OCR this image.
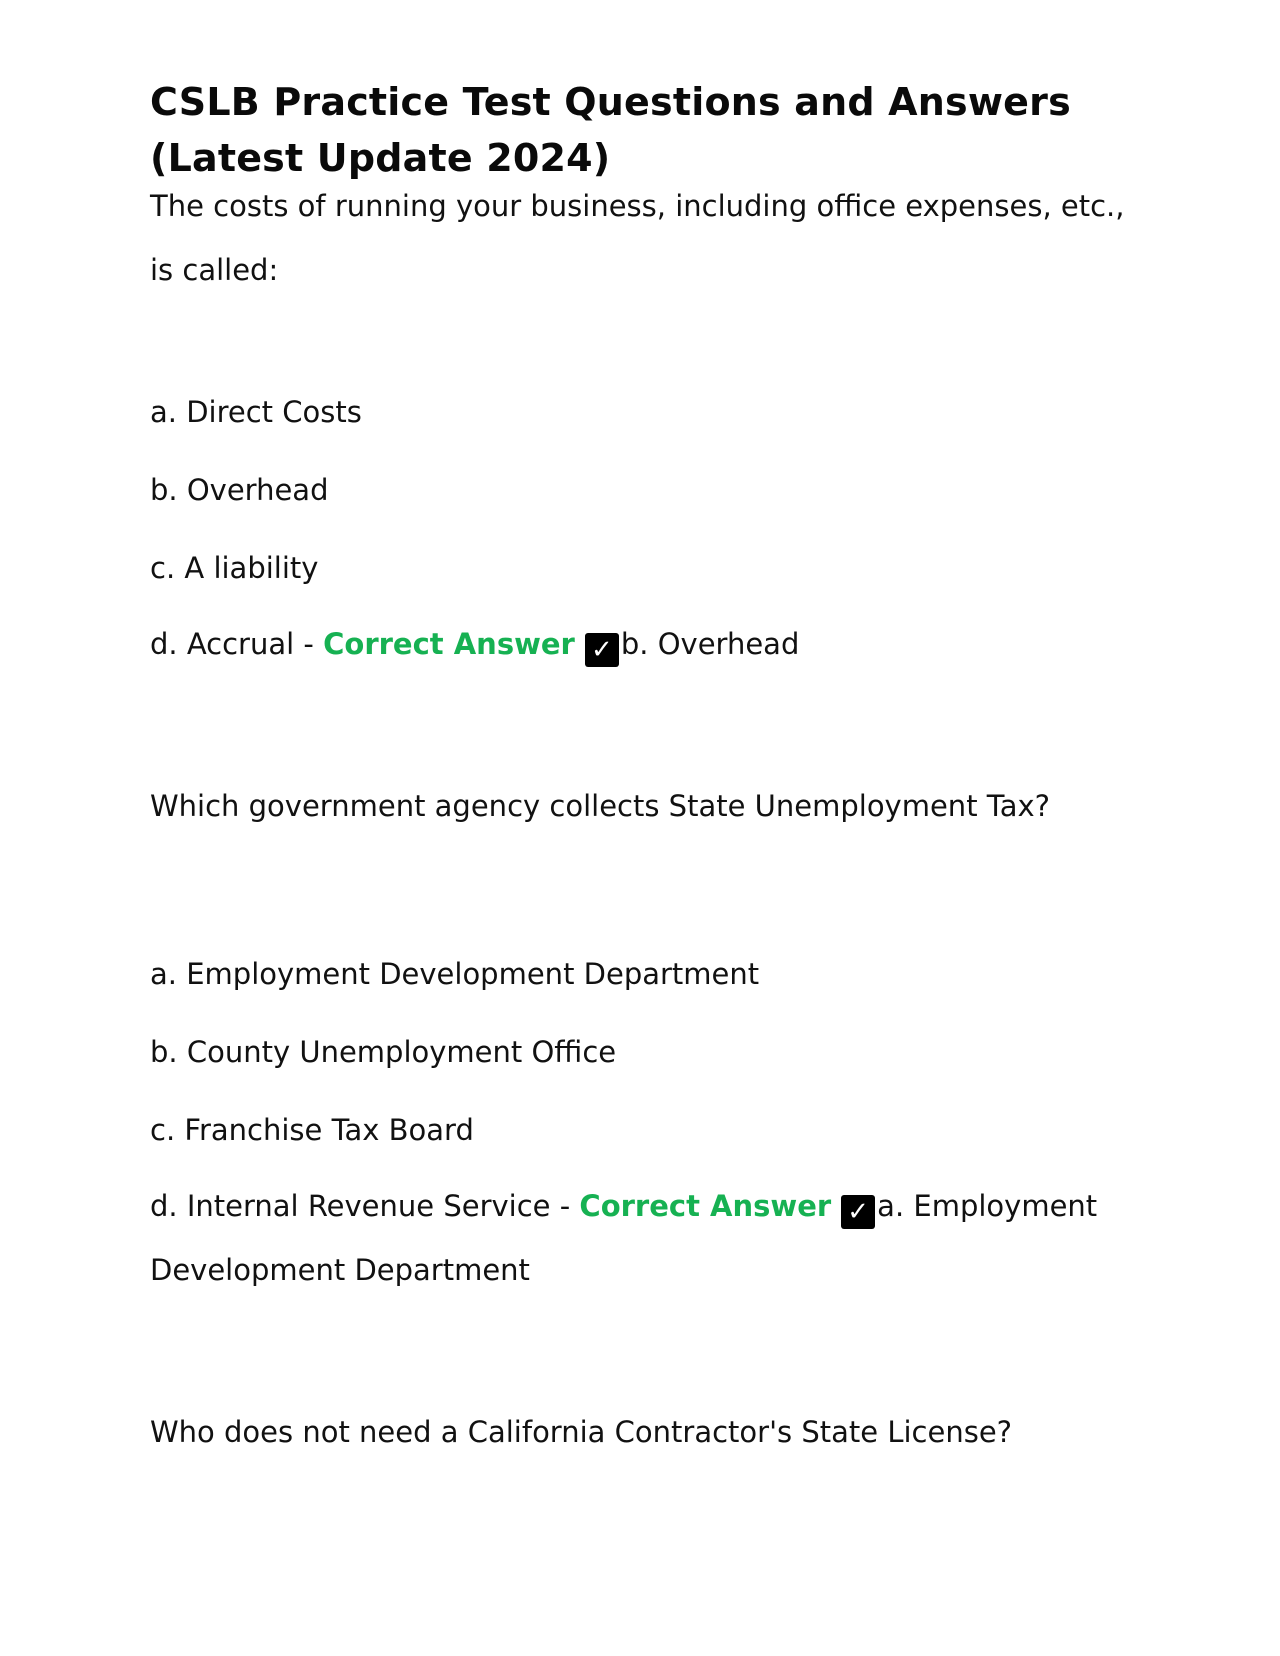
CSLB Practice Test Questions and Answers (Latest Update 2024)

The costs of running your business, including office expenses, etc., is called:

a. Direct Costs

b. Overhead

c. A liability

d. Accrual - Correct Answer ✓ b. Overhead

Which government agency collects State Unemployment Tax?

a. Employment Development Department

b. County Unemployment Office

c. Franchise Tax Board

d. Internal Revenue Service - Correct Answer ✓ a. Employment Development Department

Who does not need a California Contractor's State License?
